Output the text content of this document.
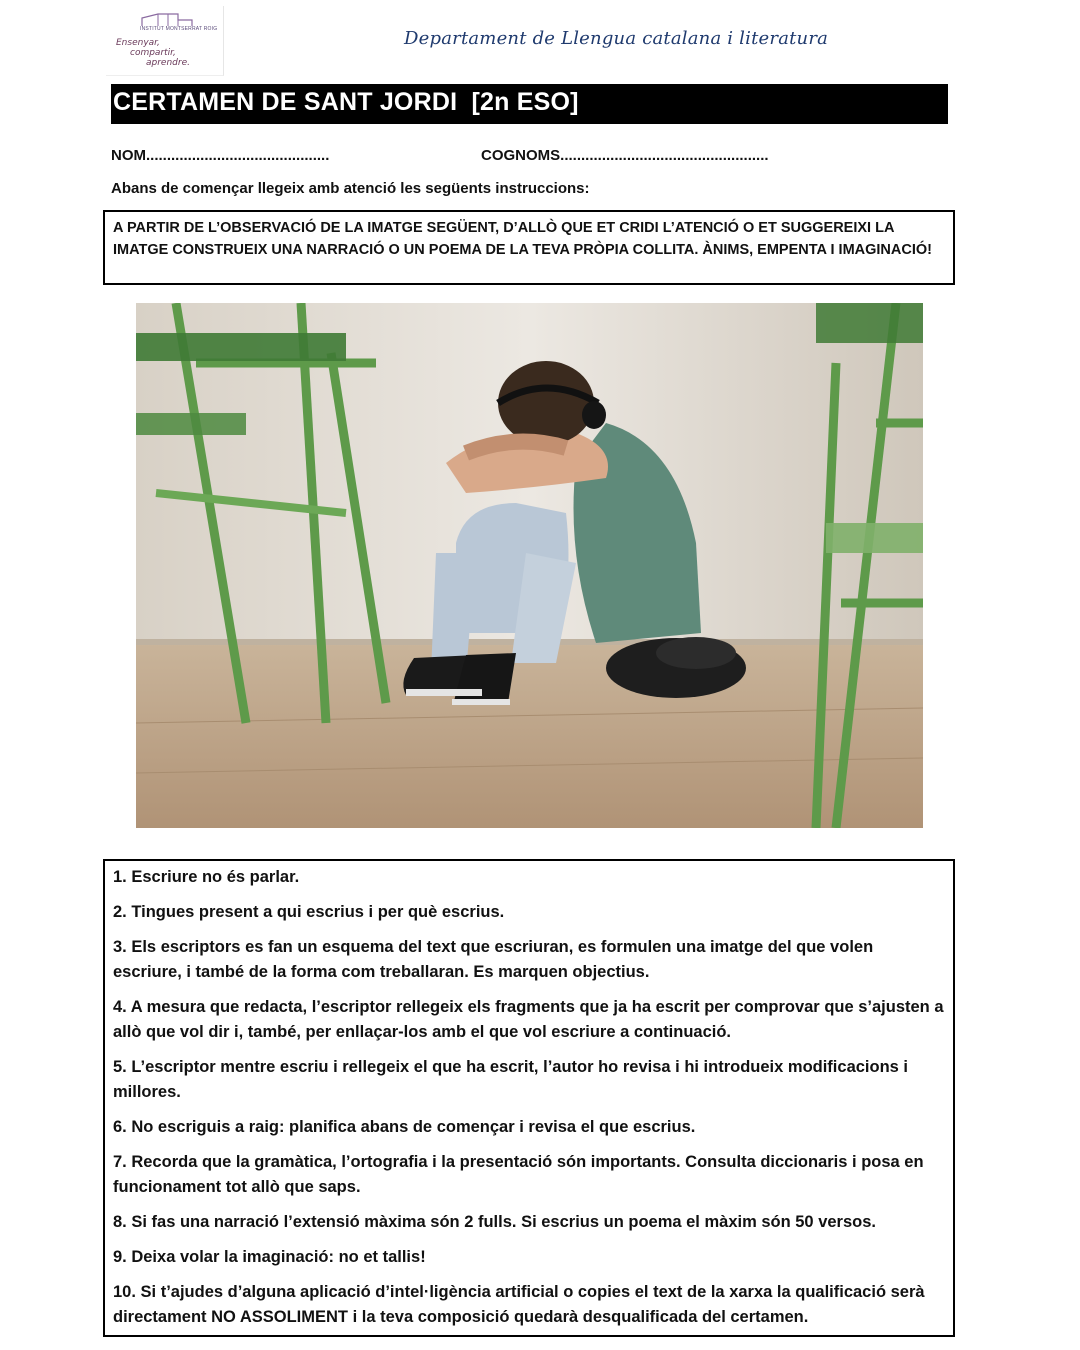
INSTITUT MONTSERRAT ROIG
Ensenyar,
compartir,
aprendre.
Departament de Llengua catalana i literatura
CERTAMEN DE SANT JORDI  [2n ESO]
NOM............................................	COGNOMS..................................................
Abans de començar llegeix amb atenció les següents instruccions:
A PARTIR DE L’OBSERVACIÓ DE LA IMATGE SEGÜENT, D’ALLÒ QUE ET CRIDI L’ATENCIÓ O ET SUGGEREIXI LA IMATGE CONSTRUEIX UNA NARRACIÓ O UN POEMA DE LA TEVA PRÒPIA COLLITA. ÀNIMS, EMPENTA I IMAGINACIÓ!
1. Escriure no és parlar.
2. Tingues present a qui escrius i per què escrius.
3. Els escriptors es fan un esquema del text que escriuran, es formulen una imatge del que volen escriure, i també de la forma com treballaran. Es marquen objectius.
4. A mesura que redacta, l’escriptor rellegeix els fragments que ja ha escrit per comprovar que s’ajusten a allò que vol dir i, també, per enllaçar-los amb el que vol escriure a continuació.
5. L’escriptor mentre escriu i rellegeix el que ha escrit, l’autor ho revisa i hi introdueix modificacions i millores.
6. No escriguis a raig: planifica abans de començar i revisa el que escrius.
7. Recorda que la gramàtica, l’ortografia i la presentació són importants. Consulta diccionaris i posa en funcionament tot allò que saps.
8. Si fas una narració l’extensió màxima són 2 fulls. Si escrius un poema el màxim són 50 versos.
9. Deixa volar la imaginació: no et tallis!
10. Si t’ajudes d’alguna aplicació d’intel·ligència artificial o copies el text de la xarxa la qualificació serà directament NO ASSOLIMENT i la teva composició quedarà desqualificada del certamen.
